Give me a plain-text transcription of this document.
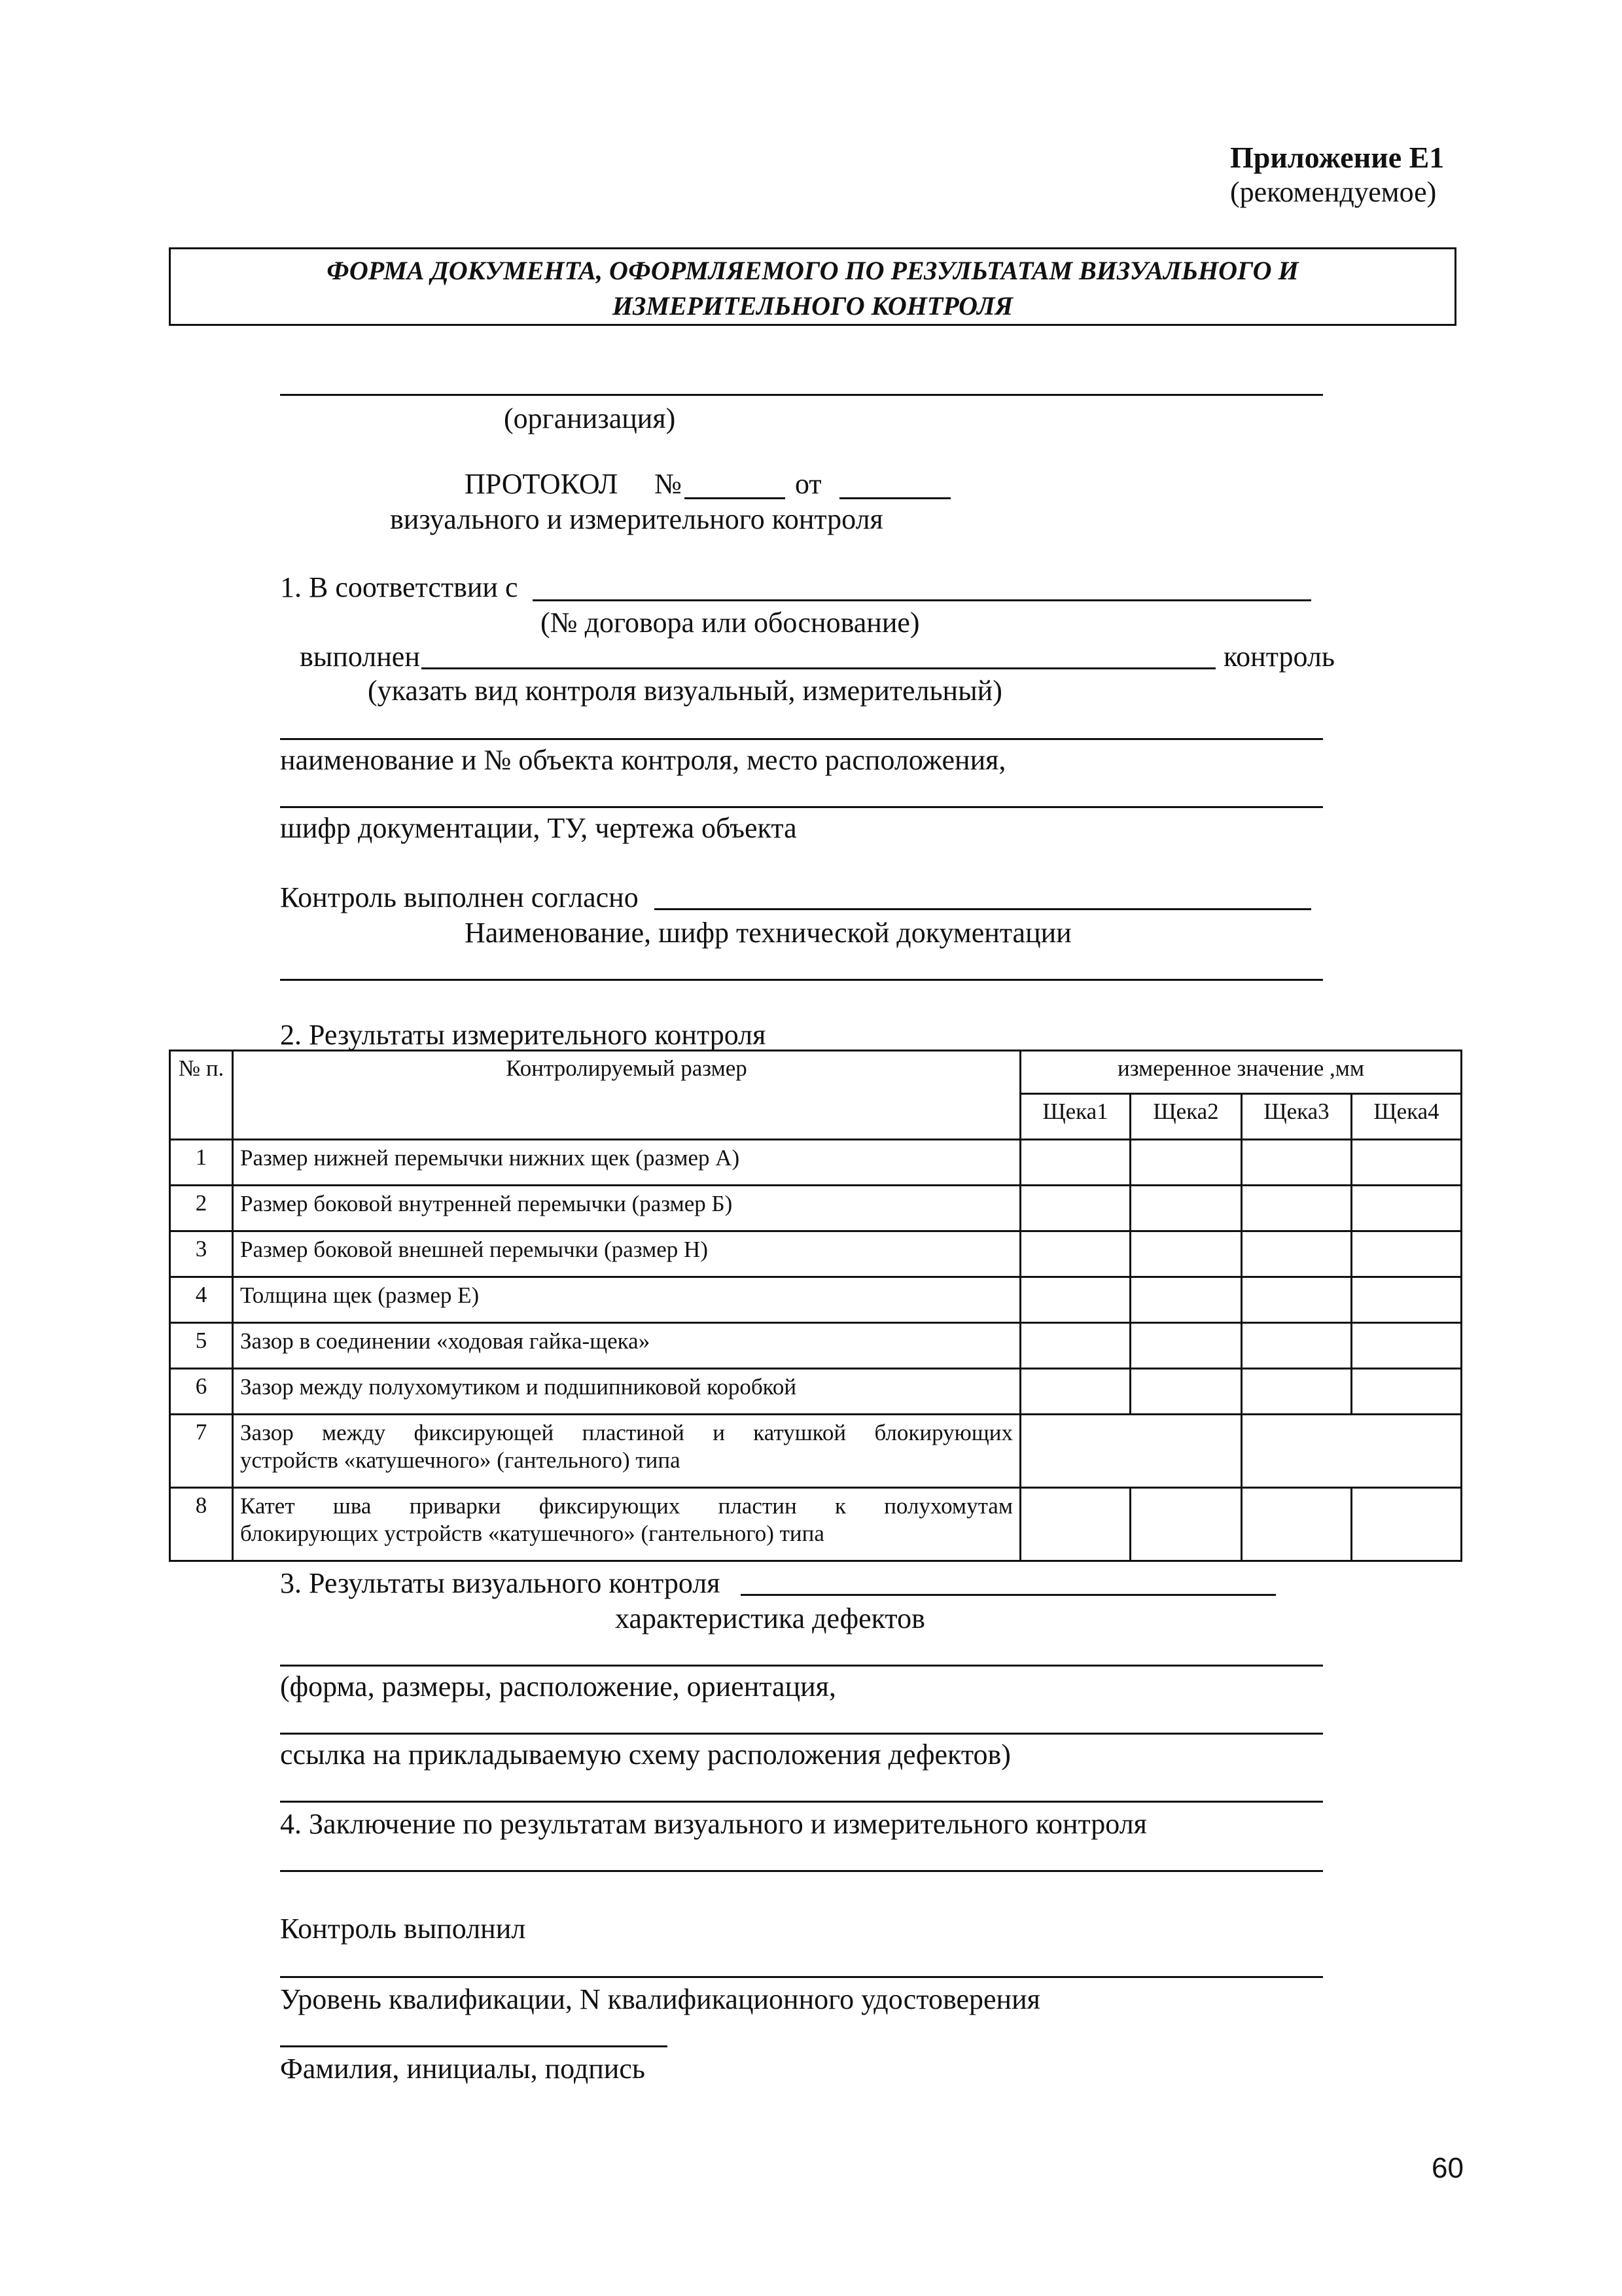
Приложение Е1
(рекомендуемое)
ФОРМА ДОКУМЕНТА, ОФОРМЛЯЕМОГО ПО РЕЗУЛЬТАТАМ ВИЗУАЛЬНОГО И
ИЗМЕРИТЕЛЬНОГО КОНТРОЛЯ
(организация)
ПРОТОКОЛ №	от
визуального и измерительного контроля
1. В соответствии с
(№ договора или обоснование)
выполнен	контроль
(указать вид контроля визуальный, измерительный)
наименование и № объекта контроля, место расположения,
шифр документации, ТУ, чертежа объекта
Контроль выполнен согласно
Наименование, шифр технической документации
2. Результаты измерительного контроля
№ п.	Контролируемый размер	измеренное значение ,мм			
		Щека1	Щека2	Щека3	Щека4
1	Размер нижней перемычки нижних щек (размер А)				
2	Размер боковой внутренней перемычки (размер Б)				
3	Размер боковой внешней перемычки (размер Н)				
4	Толщина щек (размер Е)				
5	Зазор в соединении «ходовая гайка-щека»				
6	Зазор между полухомутиком и подшипниковой коробкой				
7	Зазор между фиксирующей пластиной и катушкой блокирующих
устройств «катушечного» (гантельного) типа				

8	Катет шва приварки фиксирующих пластин к полухомутам
блокирующих устройств «катушечного» (гантельного) типа				

3. Результаты визуального контроля
характеристика дефектов
(форма, размеры, расположение, ориентация,
ссылка на прикладываемую схему расположения дефектов)
4. Заключение по результатам визуального и измерительного контроля
Контроль выполнил
Уровень квалификации, N квалификационного удостоверения
Фамилия, инициалы, подпись
60
